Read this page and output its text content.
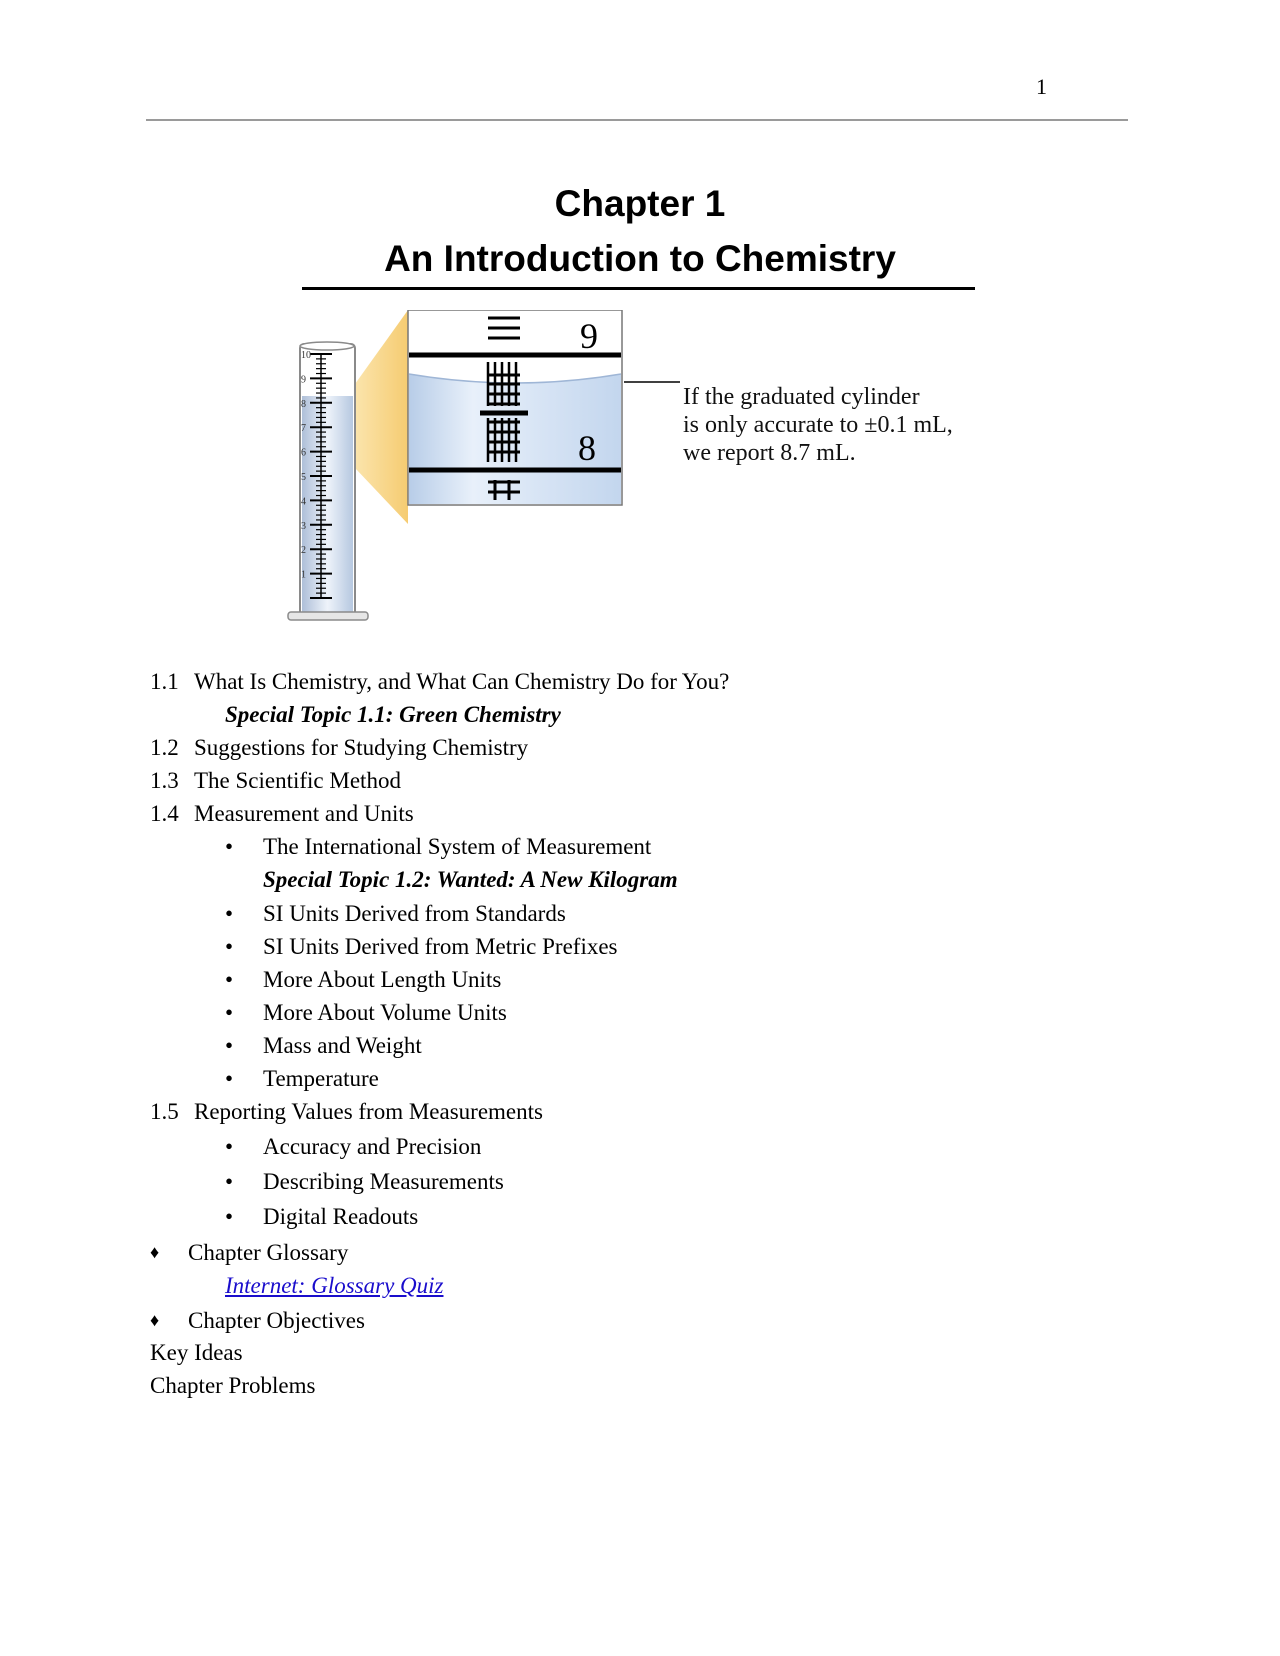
1
Chapter 1
An Introduction to Chemistry
10
9
8
7
6
5
4
3
2
1
9
8
If the graduated cylinder
is only accurate to ±0.1 mL,
we report 8.7 mL.
1.1 What Is Chemistry, and What Can Chemistry Do for You?
Special Topic 1.1: Green Chemistry
1.2 Suggestions for Studying Chemistry
1.3 The Scientific Method
1.4 Measurement and Units
• The International System of Measurement
Special Topic 1.2: Wanted: A New Kilogram
• SI Units Derived from Standards
• SI Units Derived from Metric Prefixes
• More About Length Units
• More About Volume Units
• Mass and Weight
• Temperature
1.5 Reporting Values from Measurements
• Accuracy and Precision
• Describing Measurements
• Digital Readouts
♦ Chapter Glossary
Internet: Glossary Quiz
♦ Chapter Objectives
Key Ideas
Chapter Problems
